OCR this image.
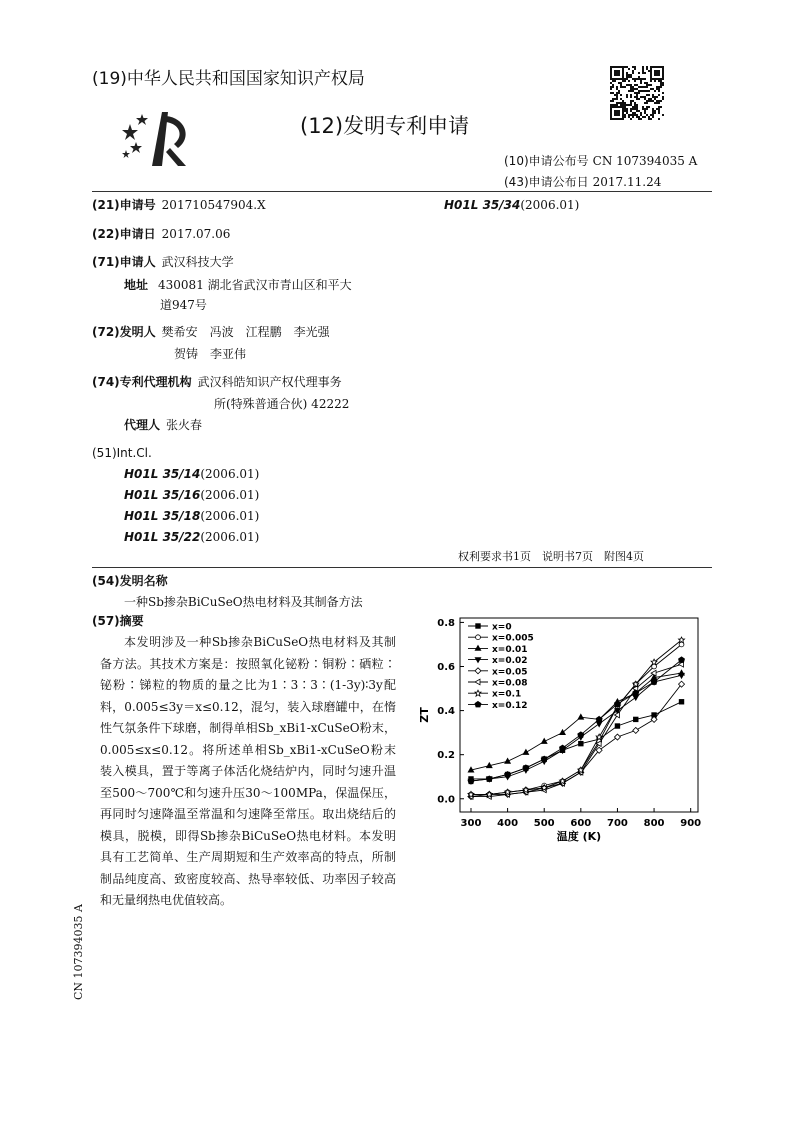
(19)中华人民共和国国家知识产权局
(12)发明专利申请
(10)申请公布号 CN 107394035 A
(43)申请公布日 2017.11.24
(21)申请号 201710547904.X	H01L 35/34(2006.01)
(22)申请日 2017.07.06
(71)申请人 武汉科技大学
地址 430081 湖北省武汉市青山区和平大
道947号
(72)发明人 樊希安　冯波　江程鹏　李光强
贺铸　李亚伟
(74)专利代理机构 武汉科皓知识产权代理事务
所(特殊普通合伙) 42222
代理人 张火春
(51)Int.Cl.
H01L 35/14(2006.01)
H01L 35/16(2006.01)
H01L 35/18(2006.01)
H01L 35/22(2006.01)
权利要求书1页　说明书7页　附图4页
(54)发明名称
一种Sb掺杂BiCuSeO热电材料及其制备方法
(57)摘要

本发明涉及一种Sb掺杂BiCuSeO热电材料及其制备方法。其技术方案是：按照氧化铋粉∶铜粉∶硒粒∶铋粉∶锑粒的物质的量之比为1∶3∶3∶(1-3y)∶3y配料，0.005≤3y＝x≤0.12，混匀，装入球磨罐中，在惰性气氛条件下球磨，制得单相Sb_xBi1-xCuSeO粉末，0.005≤x≤0.12。将所述单相Sb_xBi1-xCuSeO粉末装入模具，置于等离子体活化烧结炉内，同时匀速升温至500～700℃和匀速升压30～100MPa，保温保压，再同时匀速降温至常温和匀速降至常压。取出烧结后的模具，脱模，即得Sb掺杂BiCuSeO热电材料。本发明具有工艺简单、生产周期短和生产效率高的特点，所制制品纯度高、致密度较高、热导率较低、功率因子较高和无量纲热电优值较高。

300 400 500 600 700 800 900
0.0
0.2
0.4
0.6
0.8
温度 (K)
ZT
x=0
x=0.005
x=0.01
x=0.02
x=0.05
x=0.08
x=0.1
x=0.12
CN 107394035 A
